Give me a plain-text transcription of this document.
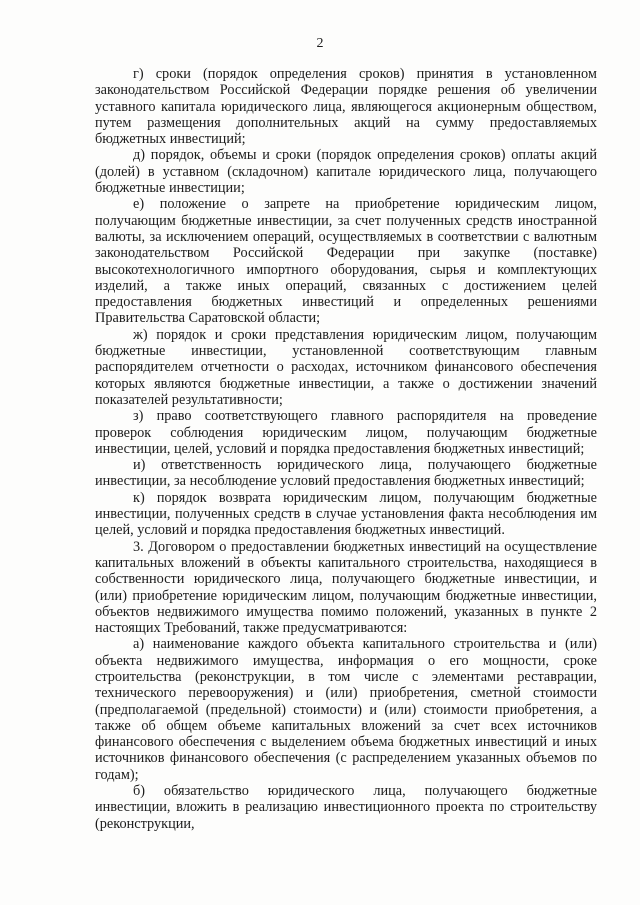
2

г) сроки (порядок определения сроков) принятия в установленном законодательством Российской Федерации порядке решения об увеличении уставного капитала юридического лица, являющегося акционерным обществом, путем размещения дополнительных акций на сумму предоставляемых бюджетных инвестиций;

д) порядок, объемы и сроки (порядок определения сроков) оплаты акций (долей) в уставном (складочном) капитале юридического лица, получающего бюджетные инвестиции;

е) положение о запрете на приобретение юридическим лицом, получающим бюджетные инвестиции, за счет полученных средств иностранной валюты, за исключением операций, осуществляемых в соответствии с валютным законодательством Российской Федерации при закупке (поставке) высокотехнологичного импортного оборудования, сырья и комплектующих изделий, а также иных операций, связанных с достижением целей предоставления бюджетных инвестиций и определенных решениями Правительства Саратовской области;

ж) порядок и сроки представления юридическим лицом, получающим бюджетные инвестиции, установленной соответствующим главным распорядителем отчетности о расходах, источником финансового обеспечения которых являются бюджетные инвестиции, а также о достижении значений показателей результативности;

з) право соответствующего главного распорядителя на проведение проверок соблюдения юридическим лицом, получающим бюджетные инвестиции, целей, условий и порядка предоставления бюджетных инвестиций;

и) ответственность юридического лица, получающего бюджетные инвестиции, за несоблюдение условий предоставления бюджетных инвестиций;

к) порядок возврата юридическим лицом, получающим бюджетные инвестиции, полученных средств в случае установления факта несоблюдения им целей, условий и порядка предоставления бюджетных инвестиций.

3. Договором о предоставлении бюджетных инвестиций на осуществление капитальных вложений в объекты капитального строительства, находящиеся в собственности юридического лица, получающего бюджетные инвестиции, и (или) приобретение юридическим лицом, получающим бюджетные инвестиции, объектов недвижимого имущества помимо положений, указанных в пункте 2 настоящих Требований, также предусматриваются:

а) наименование каждого объекта капитального строительства и (или) объекта недвижимого имущества, информация о его мощности, сроке строительства (реконструкции, в том числе с элементами реставрации, технического перевооружения) и (или) приобретения, сметной стоимости (предполагаемой (предельной) стоимости) и (или) стоимости приобретения, а также об общем объеме капитальных вложений за счет всех источников финансового обеспечения с выделением объема бюджетных инвестиций и иных источников финансового обеспечения (с распределением указанных объемов по годам);

б) обязательство юридического лица, получающего бюджетные инвестиции, вложить в реализацию инвестиционного проекта по строительству (реконструкции,
